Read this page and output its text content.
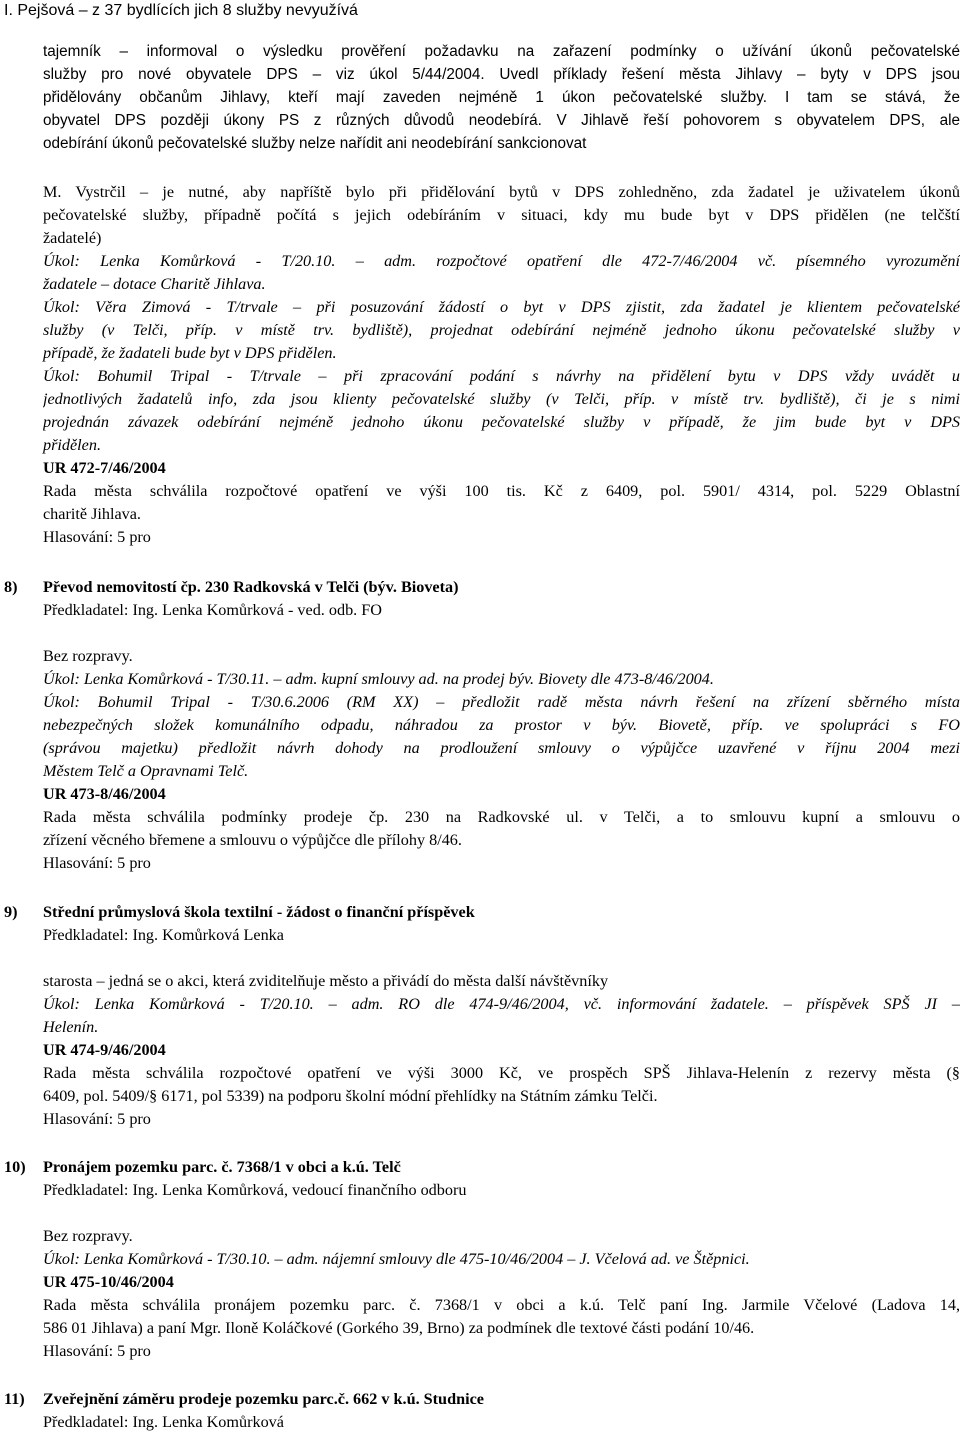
I. Pejšová – z 37 bydlících jich 8 služby nevyužívá
tajemník – informoval o výsledku prověření požadavku na zařazení podmínky o užívání úkonů pečovatelské
služby pro nové obyvatele DPS – viz úkol 5/44/2004. Uvedl příklady řešení města Jihlavy – byty v DPS jsou
přidělovány občanům Jihlavy, kteří mají zaveden nejméně 1 úkon pečovatelské služby. I tam se stává, že
obyvatel DPS později úkony PS z různých důvodů neodebírá. V Jihlavě řeší pohovorem s obyvatelem DPS, ale
odebírání úkonů pečovatelské služby nelze nařídit ani neodebírání sankcionovat
M. Vystrčil – je nutné, aby napříště bylo při přidělování bytů v DPS zohledněno, zda žadatel je uživatelem úkonů
pečovatelské služby, případně počítá s jejich odebíráním v situaci, kdy mu bude byt v DPS přidělen (ne telčští
žadatelé)
Úkol: Lenka Komůrková - T/20.10. – adm. rozpočtové opatření dle 472-7/46/2004 vč. písemného vyrozumění
žadatele – dotace Charitě Jihlava.
Úkol: Věra Zimová - T/trvale – při posuzování žádostí o byt v DPS zjistit, zda žadatel je klientem pečovatelské
služby (v Telči, příp. v místě trv. bydliště), projednat odebírání nejméně jednoho úkonu pečovatelské služby v
případě, že žadateli bude byt v DPS přidělen.
Úkol: Bohumil Tripal - T/trvale – při zpracování podání s návrhy na přidělení bytu v DPS vždy uvádět u
jednotlivých žadatelů info, zda jsou klienty pečovatelské služby (v Telči, příp. v místě trv. bydliště), či je s nimi
projednán závazek odebírání nejméně jednoho úkonu pečovatelské služby v případě, že jim bude byt v DPS
přidělen.
UR 472-7/46/2004
Rada města schválila rozpočtové opatření ve výši 100 tis. Kč z 6409, pol. 5901/ 4314, pol. 5229 Oblastní
charitě Jihlava.
Hlasování: 5 pro
8) Převod nemovitostí čp. 230 Radkovská v Telči (býv. Bioveta)
Předkladatel: Ing. Lenka Komůrková - ved. odb. FO
Bez rozpravy.
Úkol: Lenka Komůrková - T/30.11. – adm. kupní smlouvy ad. na prodej býv. Biovety dle 473-8/46/2004.
Úkol: Bohumil Tripal - T/30.6.2006 (RM XX) – předložit radě města návrh řešení na zřízení sběrného místa
nebezpečných složek komunálního odpadu, náhradou za prostor v býv. Biovetě, příp. ve spolupráci s FO
(správou majetku) předložit návrh dohody na prodloužení smlouvy o výpůjčce uzavřené v říjnu 2004 mezi
Městem Telč a Opravnami Telč.
UR 473-8/46/2004
Rada města schválila podmínky prodeje čp. 230 na Radkovské ul. v Telči, a to smlouvu kupní a smlouvu o
zřízení věcného břemene a smlouvu o výpůjčce dle přílohy 8/46.
Hlasování: 5 pro
9) Střední průmyslová škola textilní - žádost o finanční příspěvek
Předkladatel: Ing. Komůrková Lenka
starosta – jedná se o akci, která zviditelňuje město a přivádí do města další návštěvníky
Úkol: Lenka Komůrková - T/20.10. – adm. RO dle 474-9/46/2004, vč. informování žadatele. – příspěvek SPŠ JI –
Helenín.
UR 474-9/46/2004
Rada města schválila rozpočtové opatření ve výši 3000 Kč, ve prospěch SPŠ Jihlava-Helenín z rezervy města (§
6409, pol. 5409/§ 6171, pol 5339) na podporu školní módní přehlídky na Státním zámku Telči.
Hlasování: 5 pro
10) Pronájem pozemku parc. č. 7368/1 v obci a k.ú. Telč
Předkladatel: Ing. Lenka Komůrková, vedoucí finančního odboru
Bez rozpravy.
Úkol: Lenka Komůrková - T/30.10. – adm. nájemní smlouvy dle 475-10/46/2004 – J. Včelová ad. ve Štěpnici.
UR 475-10/46/2004
Rada města schválila pronájem pozemku parc. č. 7368/1 v obci a k.ú. Telč paní Ing. Jarmile Včelové (Ladova 14,
586 01 Jihlava) a paní Mgr. Iloně Koláčkové (Gorkého 39, Brno) za podmínek dle textové části podání 10/46.
Hlasování: 5 pro
11) Zveřejnění záměru prodeje pozemku parc.č. 662 v k.ú. Studnice
Předkladatel: Ing. Lenka Komůrková
